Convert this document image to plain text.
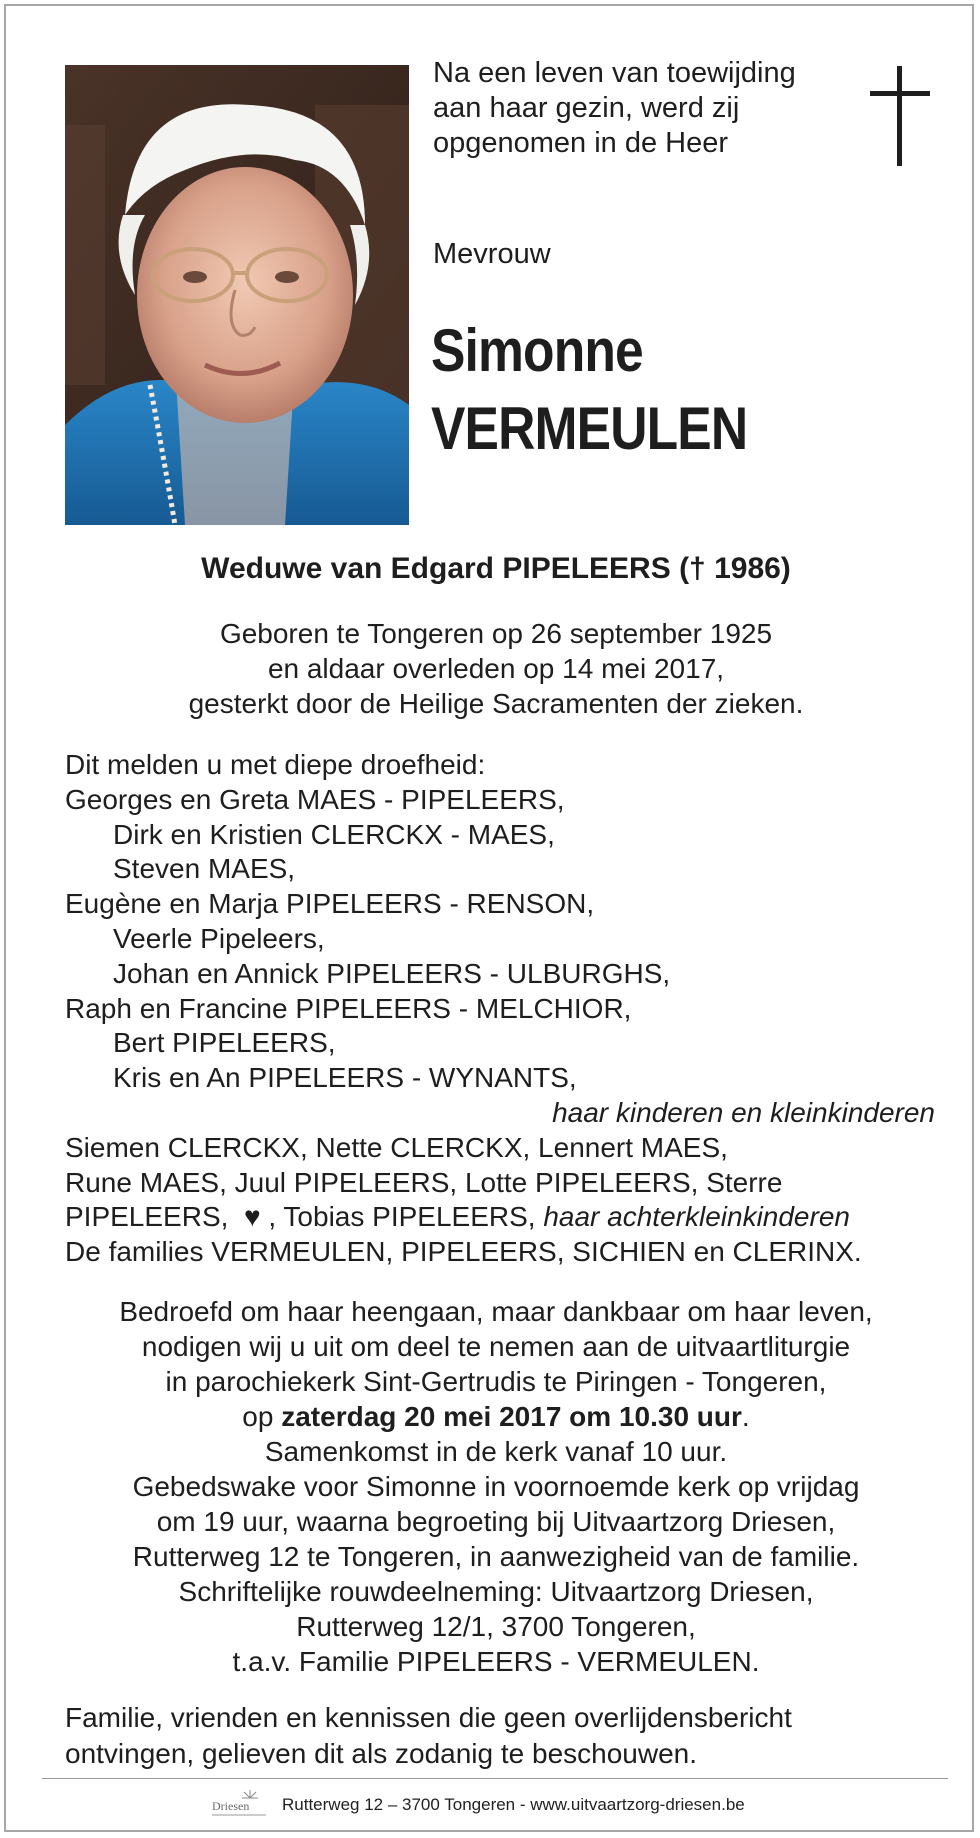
Na een leven van toewijding
aan haar gezin, werd zij
opgenomen in de Heer
Mevrouw
Simonne
VERMEULEN
Weduwe van Edgard PIPELEERS († 1986)
Geboren te Tongeren op 26 september 1925
en aldaar overleden op 14 mei 2017,
gesterkt door de Heilige Sacramenten der zieken.
Dit melden u met diepe droefheid:
Georges en Greta MAES - PIPELEERS,
Dirk en Kristien CLERCKX - MAES,
Steven MAES,
Eugène en Marja PIPELEERS - RENSON,
Veerle Pipeleers,
Johan en Annick PIPELEERS - ULBURGHS,
Raph en Francine PIPELEERS - MELCHIOR,
Bert PIPELEERS,
Kris en An PIPELEERS - WYNANTS,
haar kinderen en kleinkinderen
Siemen CLERCKX, Nette CLERCKX, Lennert MAES,
Rune MAES, Juul PIPELEERS, Lotte PIPELEERS, Sterre
PIPELEERS, ♥ , Tobias PIPELEERS, haar achterkleinkinderen
De families VERMEULEN, PIPELEERS, SICHIEN en CLERINX.
Bedroefd om haar heengaan, maar dankbaar om haar leven,
nodigen wij u uit om deel te nemen aan de uitvaartliturgie
in parochiekerk Sint-Gertrudis te Piringen - Tongeren,
op zaterdag 20 mei 2017 om 10.30 uur.
Samenkomst in de kerk vanaf 10 uur.
Gebedswake voor Simonne in voornoemde kerk op vrijdag
om 19 uur, waarna begroeting bij Uitvaartzorg Driesen,
Rutterweg 12 te Tongeren, in aanwezigheid van de familie.
Schriftelijke rouwdeelneming: Uitvaartzorg Driesen,
Rutterweg 12/1, 3700 Tongeren,
t.a.v. Familie PIPELEERS - VERMEULEN.
Familie, vrienden en kennissen die geen overlijdensbericht
ontvingen, gelieven dit als zodanig te beschouwen.
Driesen Rutterweg 12 – 3700 Tongeren - www.uitvaartzorg-driesen.be
